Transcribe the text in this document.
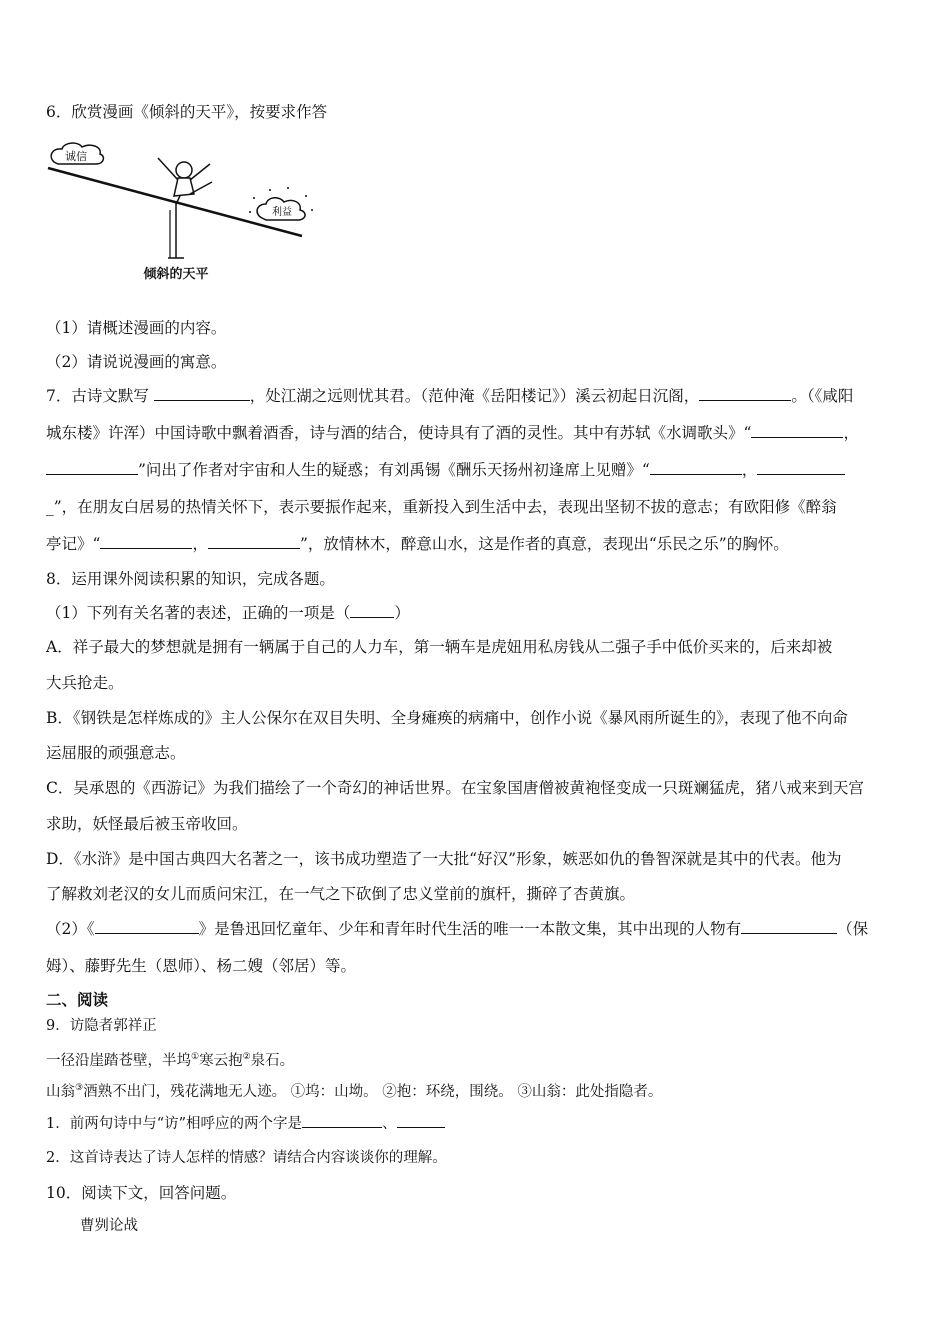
6．欣赏漫画《倾斜的天平》，按要求作答
诚信
利益
倾斜的天平
（1）请概述漫画的内容。
（2）请说说漫画的寓意。
7．古诗文默写	，处江湖之远则忧其君。（范仲淹《岳阳楼记》）溪云初起日沉阁，	。（《咸阳
城东楼》许浑）中国诗歌中飘着酒香，诗与酒的结合，使诗具有了酒的灵性。其中有苏轼《水调歌头》“	，
”问出了作者对宇宙和人生的疑惑；有刘禹锡《酬乐天扬州初逢席上见赠》“	，
_”，在朋友白居易的热情关怀下，表示要振作起来，重新投入到生活中去，表现出坚韧不拔的意志；有欧阳修《醉翁
亭记》“	，	”，放情林木，醉意山水，这是作者的真意，表现出“乐民之乐”的胸怀。
8．运用课外阅读积累的知识，完成各题。
（1）下列有关名著的表述，正确的一项是（	）
A．祥子最大的梦想就是拥有一辆属于自己的人力车，第一辆车是虎妞用私房钱从二强子手中低价买来的，后来却被
大兵抢走。
B．《钢铁是怎样炼成的》主人公保尔在双目失明、全身瘫痪的病痛中，创作小说《暴风雨所诞生的》，表现了他不向命
运屈服的顽强意志。
C．吴承恩的《西游记》为我们描绘了一个奇幻的神话世界。在宝象国唐僧被黄袍怪变成一只斑斓猛虎，猪八戒来到天宫
求助，妖怪最后被玉帝收回。
D．《水浒》是中国古典四大名著之一，该书成功塑造了一大批“好汉”形象，嫉恶如仇的鲁智深就是其中的代表。他为
了解救刘老汉的女儿而质问宋江，在一气之下砍倒了忠义堂前的旗杆，撕碎了杏黄旗。
（2）《	》是鲁迅回忆童年、少年和青年时代生活的唯一一本散文集，其中出现的人物有	（保
姆）、藤野先生（恩师）、杨二嫂（邻居）等。
二、阅读
9．访隐者郭祥正
一径沿崖踏苍壁，半坞①寒云抱②泉石。
山翁③酒熟不出门，残花满地无人迹。 ①坞：山坳。 ②抱：环绕，围绕。 ③山翁：此处指隐者。
1．前两句诗中与“访”相呼应的两个字是	、
2．这首诗表达了诗人怎样的情感？请结合内容谈谈你的理解。
10．阅读下文，回答问题。
曹刿论战
